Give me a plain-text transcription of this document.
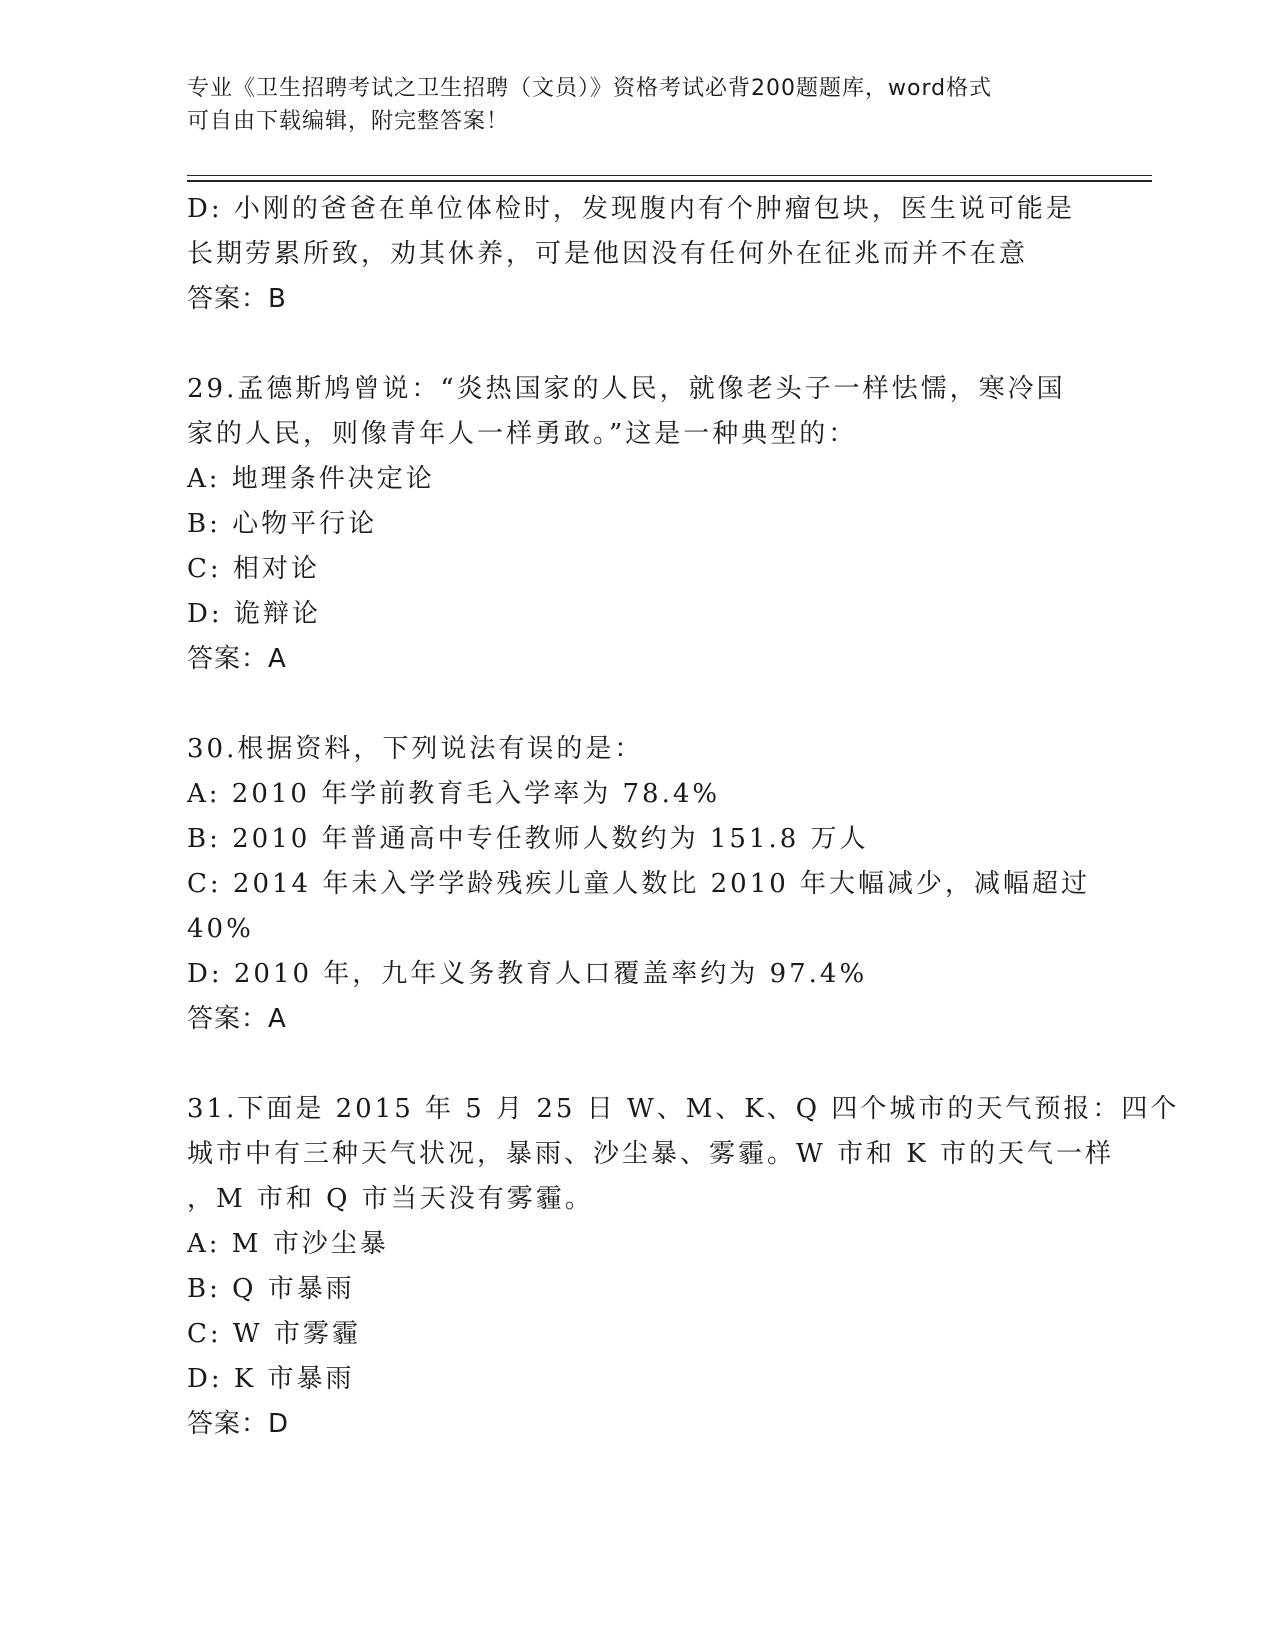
专业《卫生招聘考试之卫生招聘（文员）》资格考试必背200题题库，word格式
可自由下载编辑，附完整答案！
D: 小刚的爸爸在单位体检时，发现腹内有个肿瘤包块，医生说可能是
长期劳累所致，劝其休养，可是他因没有任何外在征兆而并不在意
答案：B
29.孟德斯鸠曾说：“炎热国家的人民，就像老头子一样怯懦，寒冷国
家的人民，则像青年人一样勇敢。”这是一种典型的：
A: 地理条件决定论
B: 心物平行论
C: 相对论
D: 诡辩论
答案：A
30.根据资料，下列说法有误的是：
A: 2010 年学前教育毛入学率为 78.4%
B: 2010 年普通高中专任教师人数约为 151.8 万人
C: 2014 年未入学学龄残疾儿童人数比 2010 年大幅减少，减幅超过
40%
D: 2010 年，九年义务教育人口覆盖率约为 97.4%
答案：A
31.下面是 2015 年 5 月 25 日 W、M、K、Q 四个城市的天气预报：四个
城市中有三种天气状况，暴雨、沙尘暴、雾霾。W 市和 K 市的天气一样
，M 市和 Q 市当天没有雾霾。
A: M 市沙尘暴
B: Q 市暴雨
C: W 市雾霾
D: K 市暴雨
答案：D
